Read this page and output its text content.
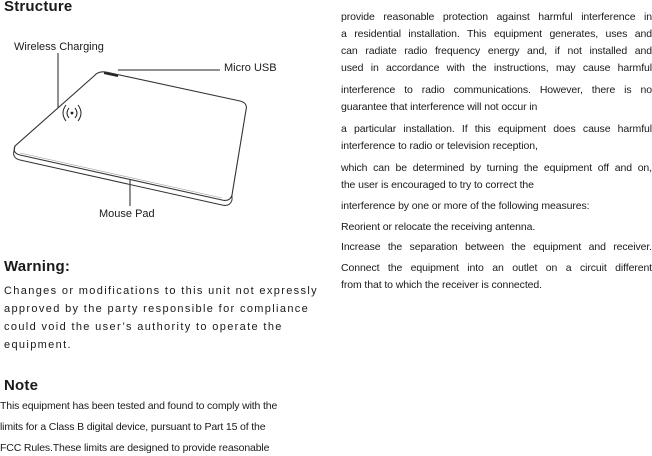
Structure
Wireless Charging
Micro USB
Mouse Pad
Warning:
Changes or modifications to this unit not expressly
approved by the party responsible for compliance
could void the user’s authority to operate the
equipment.
Note
This equipment has been tested and found to comply with the
limits for a Class B digital device, pursuant to Part 15 of the
FCC Rules.These limits are designed to provide reasonable
provide reasonable protection against harmful interference in
a residential installation. This equipment generates, uses and
can radiate radio frequency energy and, if not installed and
used in accordance with the instructions, may cause harmful
interference to radio communications. However, there is no
guarantee that interference will not occur in
a particular installation. If this equipment does cause harmful
interference to radio or television reception,
which can be determined by turning the equipment off and on,
the user is encouraged to try to correct the
interference by one or more of the following measures:
Reorient or relocate the receiving antenna.
Increase the separation between the equipment and receiver.
Connect the equipment into an outlet on a circuit different
from that to which the receiver is connected.
